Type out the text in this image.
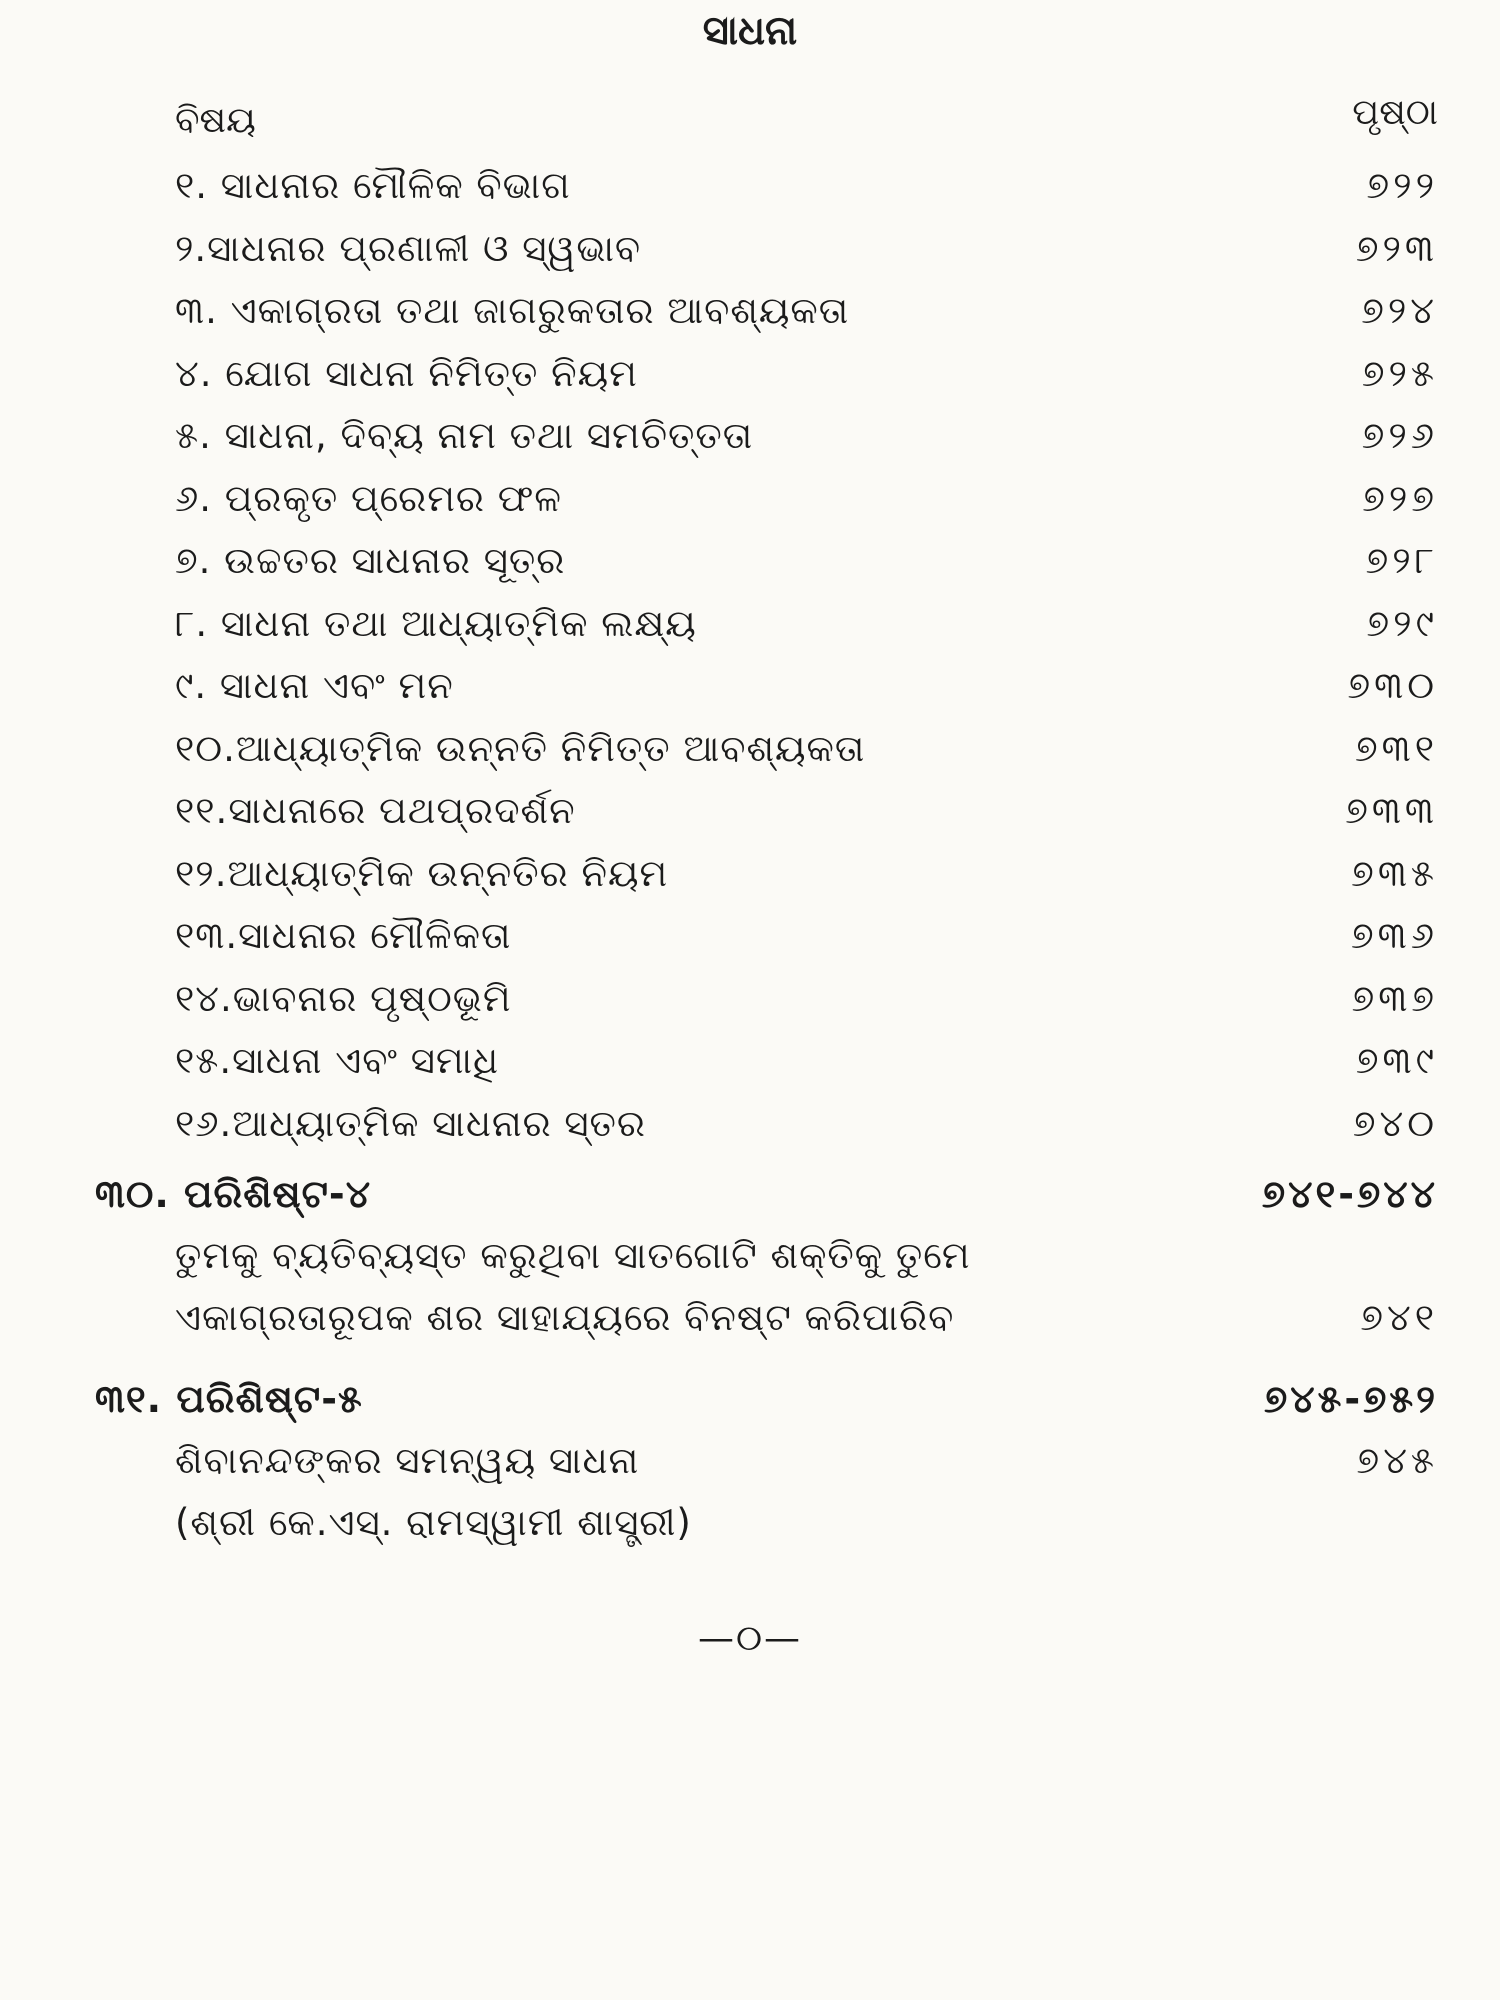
ସାଧନା
ବିଷୟ	ପୃଷ୍ଠା
୧. ସାଧନାର ମୌଳିକ ବିଭାଗ	୭୨୨
୨.ସାଧନାର ପ୍ରଣାଳୀ ଓ ସ୍ୱଭାବ	୭୨୩
୩. ଏକାଗ୍ରତା ତଥା ଜାଗରୁକତାର ଆବଶ୍ୟକତା	୭୨୪
୪. ଯୋଗ ସାଧନା ନିମିତ୍ତ ନିୟମ	୭୨୫
୫. ସାଧନା, ଦିବ୍ୟ ନାମ ତଥା ସମଚିତ୍ତତା	୭୨୬
୬. ପ୍ରକୃତ ପ୍ରେମର ଫଳ	୭୨୭
୭. ଉଚ୍ଚତର ସାଧନାର ସୂତ୍ର	୭୨୮
୮. ସାଧନା ତଥା ଆଧ୍ୟାତ୍ମିକ ଲକ୍ଷ୍ୟ	୭୨୯
୯. ସାଧନା ଏବଂ ମନ	୭୩୦
୧୦.ଆଧ୍ୟାତ୍ମିକ ଉନ୍ନତି ନିମିତ୍ତ ଆବଶ୍ୟକତା	୭୩୧
୧୧.ସାଧନାରେ ପଥପ୍ରଦର୍ଶନ	୭୩୩
୧୨.ଆଧ୍ୟାତ୍ମିକ ଉନ୍ନତିର ନିୟମ	୭୩୫
୧୩.ସାଧନାର ମୌଳିକତା	୭୩୬
୧୪.ଭାବନାର ପୃଷ୍ଠଭୂମି	୭୩୭
୧୫.ସାଧନା ଏବଂ ସମାଧି	୭୩୯
୧୬.ଆଧ୍ୟାତ୍ମିକ ସାଧନାର ସ୍ତର	୭୪୦
୩୦. ପରିଶିଷ୍ଟ-୪	୭୪୧-୭୪୪
ତୁମକୁ ବ୍ୟତିବ୍ୟସ୍ତ କରୁଥିବା ସାତଗୋଟି ଶକ୍ତିକୁ ତୁମେ
ଏକାଗ୍ରତାରୂପକ ଶର ସାହାଯ୍ୟରେ ବିନଷ୍ଟ କରିପାରିବ	୭୪୧
୩୧. ପରିଶିଷ୍ଟ-୫	୭୪୫-୭୫୨
ଶିବାନନ୍ଦଙ୍କର ସମନ୍ୱୟ ସାଧନା	୭୪୫
(ଶ୍ରୀ କେ.ଏସ୍. ରାମସ୍ୱାମୀ ଶାସ୍ତ୍ରୀ)
—୦—
